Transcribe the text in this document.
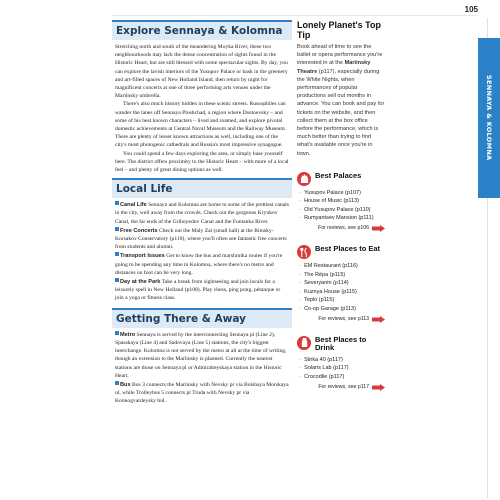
105
SENNAYA & KOLOMNA
Explore Sennaya & Kolomna

Stretching north and south of the meandering Moyka River, these two neighbourhoods may lack the dense concentration of sights found in the Historic Heart, but are still blessed with some spectacular sights. By day, you can explore the lavish interiors of the Yusupov Palace or bask in the greenery and art-filled spaces of New Holland Island, then return by night for magnificent concerts at one of three performing arts venues under the Mariinsky umbrella.

There's also much history hidden in these scenic streets. Russophiles can wander the lanes off Sennaya Ploshchad, a region where Dostoevsky – and some of his best known characters – lived and roamed, and explore pivotal domestic achievements at Central Naval Museum and the Railway Museum. There are plenty of lesser known attractions as well, including one of the city's most photogenic cathedrals and Russia's most impressive synagogue.

You could spend a few days exploring the area, or simply base yourself here. The district offers proximity to the Historic Heart – with more of a local feel – and plenty of great dining options as well.

Local Life
Canal Life Sennaya and Kolomna are home to some of the prettiest canals in the city, well away from the crowds. Check out the gorgeous Kryukov Canal, the far ends of the Griboyedov Canal and the Fontanka River.
Free Concerts Check out the Maly Zal (small hall) at the Rimsky-Korsakov Conservatory (p118), where you'll often see fantastic free concerts from students and alumni.
Transport Issues Get to know the bus and marshrutka routes if you're going to be spending any time in Kolomna, where there's no metro and distances on foot can be very long.
Day at the Park Take a break from sightseeing and join locals for a leisurely spell in New Holland (p108). Play chess, ping pong, pétanque or join a yoga or fitness class.
Getting There & Away
Metro Sennaya is served by the interconnecting Sennaya pl (Line 2), Spasskaya (Line 4) and Sadovaya (Line 5) stations, the city's biggest interchange. Kolomna is not served by the metro at all at the time of writing, though an extension to the Mariinsky is planned. Currently the nearest stations are those on Sennaya pl or Admiralteyskaya station in the Historic Heart.
Bus Bus 3 connects the Mariinsky with Nevsky pr via Bolshaya Morskaya ul, while Trolleybus 5 connects pl Truda with Nevsky pr via Konnogvardeysky bul.
Lonely Planet's Top Tip
Book ahead of time to see the ballet or opera performance you're interested in at the Mariinsky Theatre (p117), especially during the White Nights, when performances of popular productions sell out months in advance. You can book and pay for tickets on the website, and then collect them at the box office before the performance, which is much better than trying to find what's available once you're in town.
Best Palaces
– Yusupov Palace (p107)
– House of Music (p113)
– Old Yusupov Palace (p110)
– Rumyantsev Mansion (p111)
For reviews, see p106
Best Places to Eat
– EM Restaurant (p116)
– The Répa (p115)
– Severyanin (p114)
– Kuznya House (p115)
– Teplo (p115)
– Co-op Garage (p113)
For reviews, see p113
Best Places to Drink
– Stirka 40 (p117)
– Solaris Lab (p117)
– Crocodile (p117)
For reviews, see p117
